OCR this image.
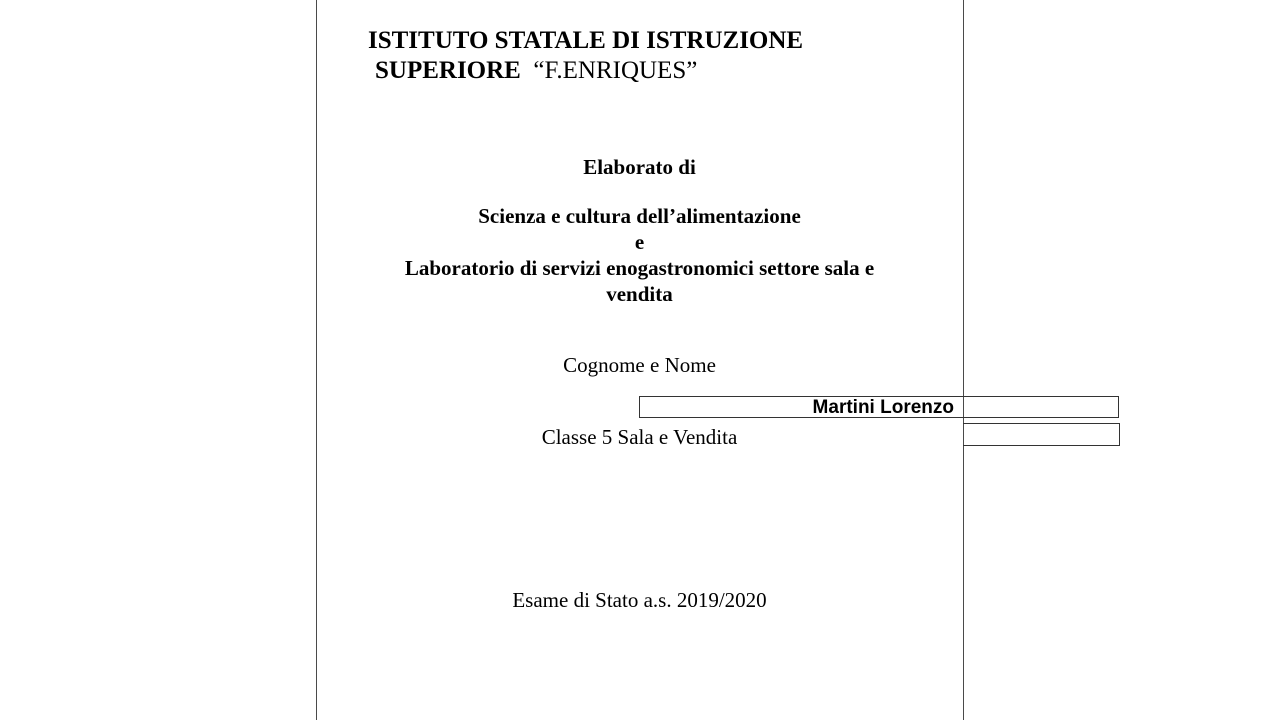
ISTITUTO STATALE DI ISTRUZIONE
SUPERIORE  “F.ENRIQUES”
Elaborato di
Scienza e cultura dell’alimentazione
e
Laboratorio di servizi enogastronomici settore sala e
vendita
Cognome e Nome
Martini Lorenzo
Classe 5 Sala e Vendita
Esame di Stato a.s. 2019/2020
